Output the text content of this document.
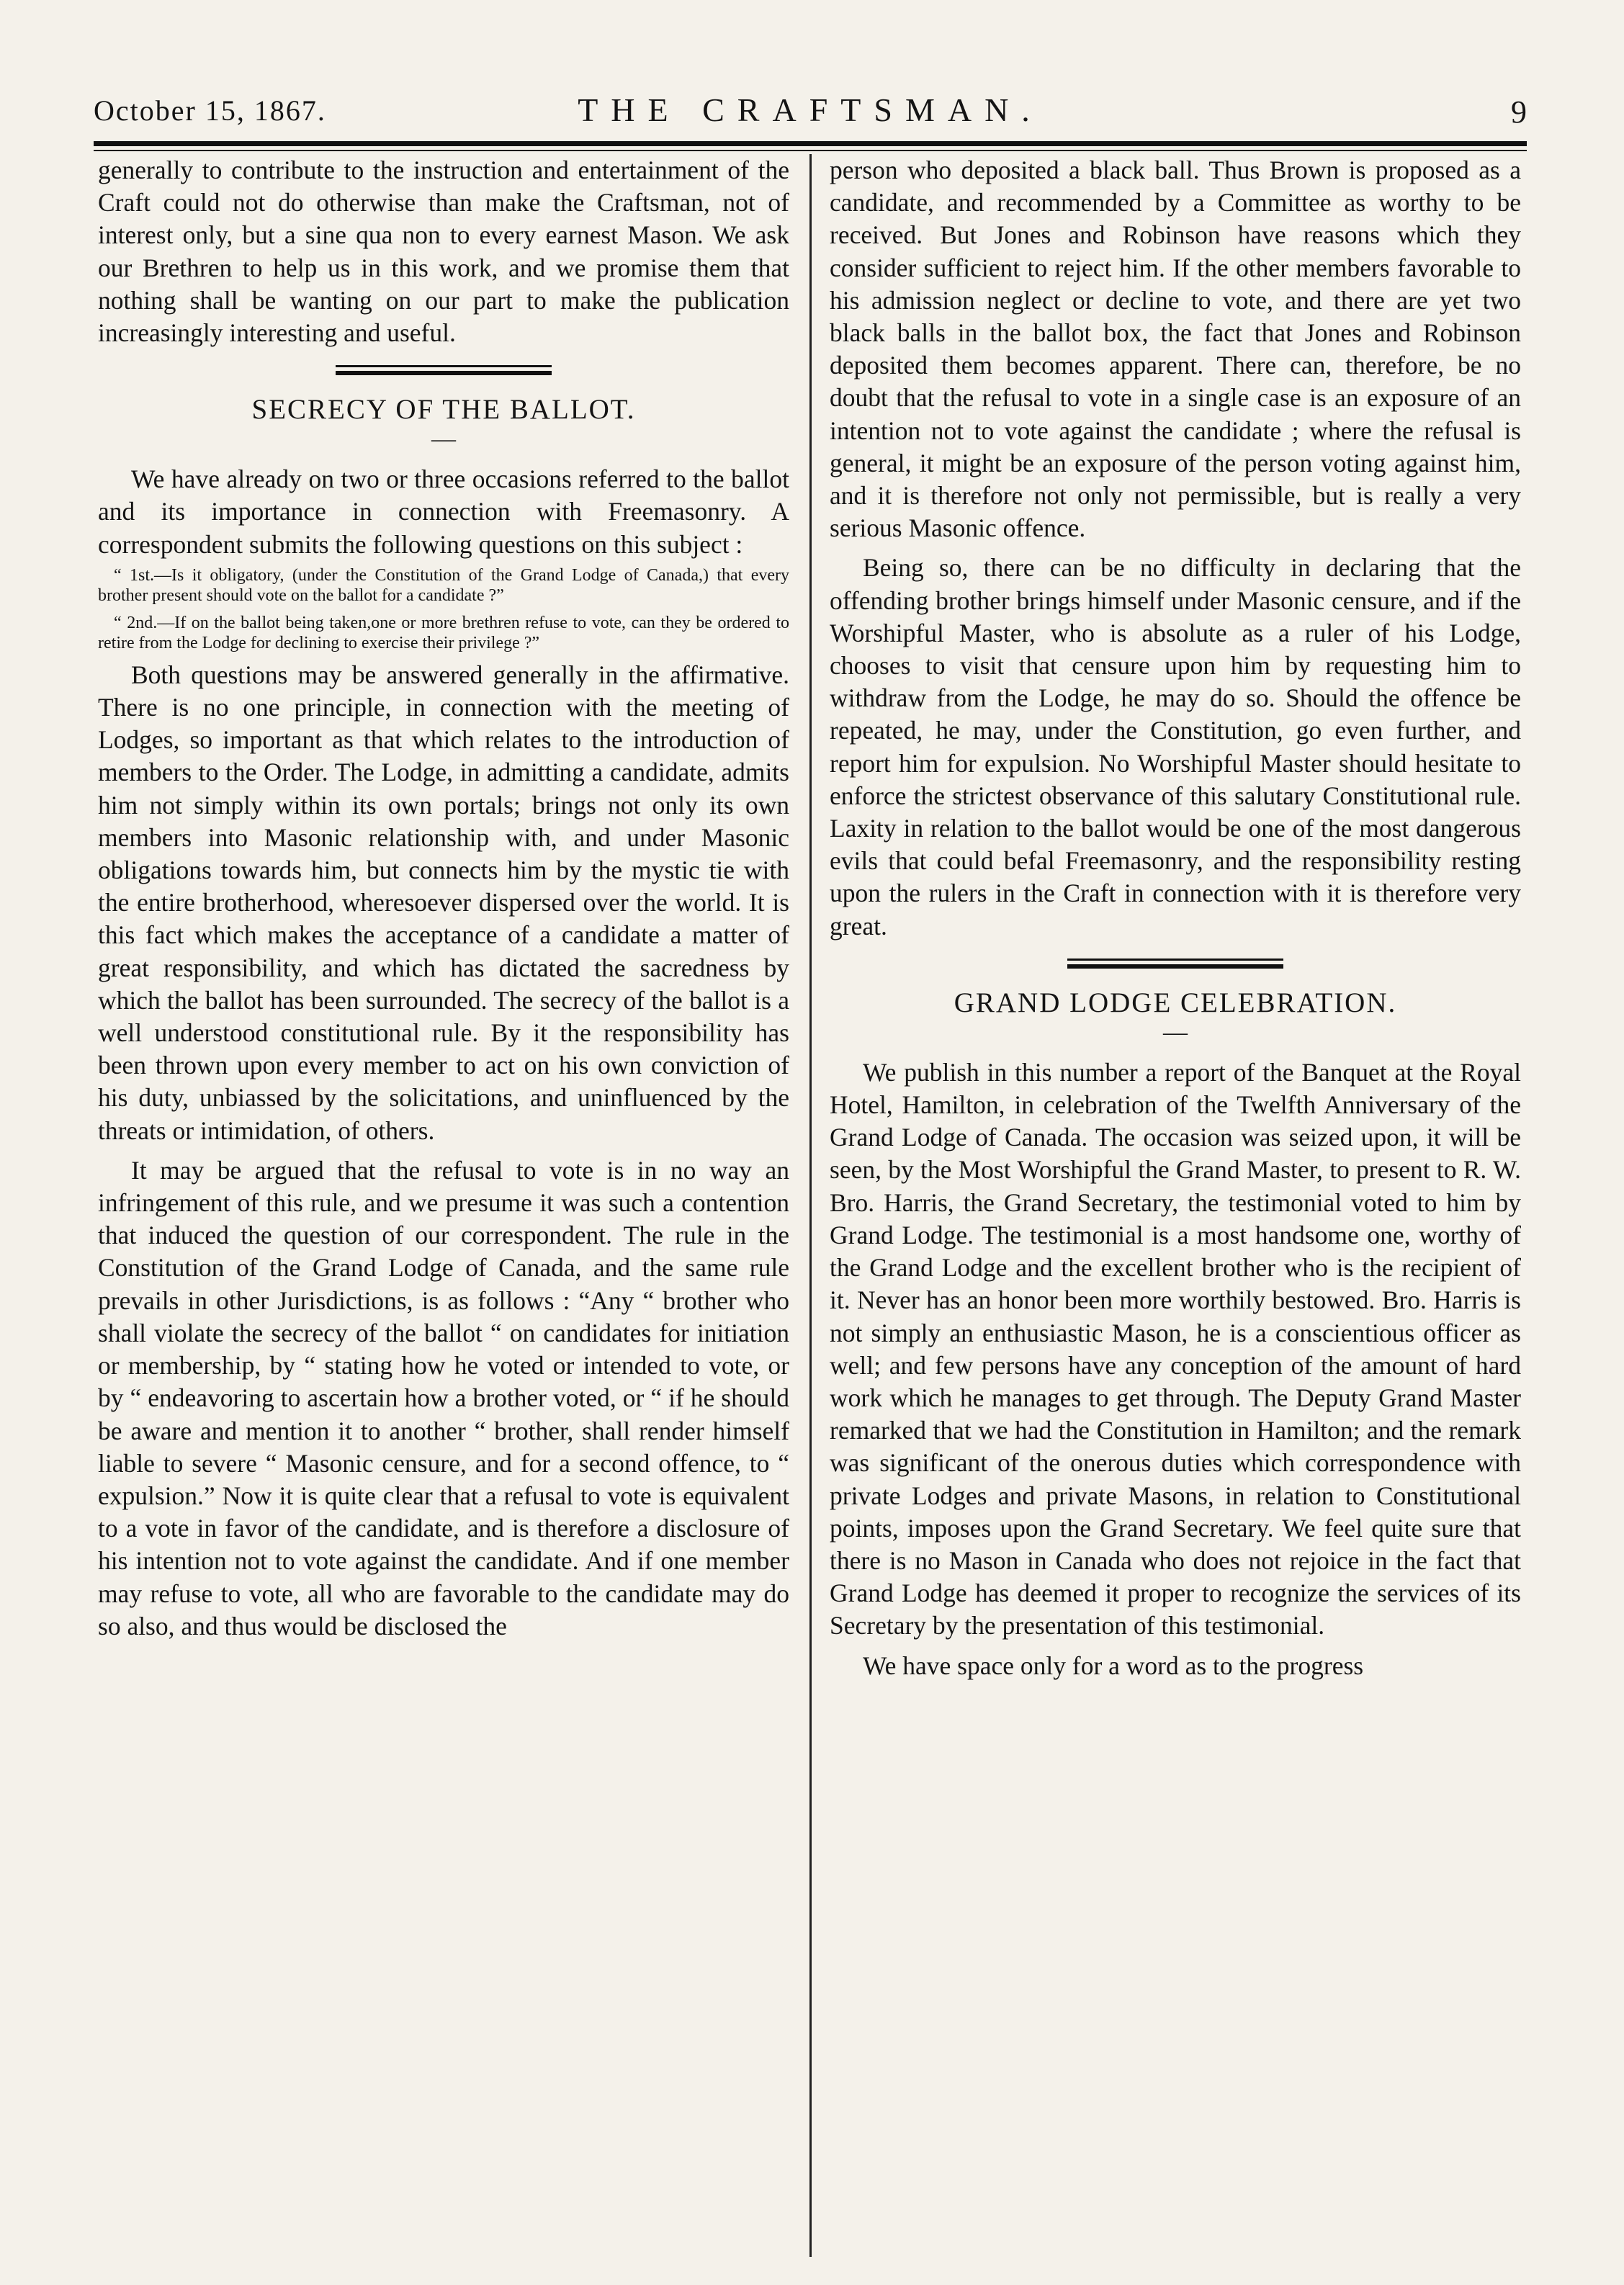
October 15, 1867.	THE CRAFTSMAN.	9

generally to contribute to the instruction and entertainment of the Craft could not do otherwise than make the Craftsman, not of interest only, but a sine qua non to every earnest Mason. We ask our Brethren to help us in this work, and we promise them that nothing shall be wanting on our part to make the publication increasingly interesting and useful.

SECRECY OF THE BALLOT.
—

We have already on two or three occasions referred to the ballot and its importance in connection with Freemasonry. A correspondent submits the following questions on this subject :

“ 1st.—Is it obligatory, (under the Constitution of the Grand Lodge of Canada,) that every brother present should vote on the ballot for a candidate ?”

“ 2nd.—If on the ballot being taken,one or more brethren refuse to vote, can they be ordered to retire from the Lodge for declining to exercise their privilege ?”

Both questions may be answered generally in the affirmative. There is no one principle, in connection with the meeting of Lodges, so important as that which relates to the introduction of members to the Order. The Lodge, in admitting a candidate, admits him not simply within its own portals; brings not only its own members into Masonic relationship with, and under Masonic obligations towards him, but connects him by the mystic tie with the entire brotherhood, wheresoever dispersed over the world. It is this fact which makes the acceptance of a candidate a matter of great responsibility, and which has dictated the sacredness by which the ballot has been surrounded. The secrecy of the ballot is a well understood constitutional rule. By it the responsibility has been thrown upon every member to act on his own conviction of his duty, unbiassed by the solicitations, and uninfluenced by the threats or intimidation, of others.

It may be argued that the refusal to vote is in no way an infringement of this rule, and we presume it was such a contention that induced the question of our correspondent. The rule in the Constitution of the Grand Lodge of Canada, and the same rule prevails in other Jurisdictions, is as follows : “Any “ brother who shall violate the secrecy of the ballot “ on candidates for initiation or membership, by “ stating how he voted or intended to vote, or by “ endeavoring to ascertain how a brother voted, or “ if he should be aware and mention it to another “ brother, shall render himself liable to severe “ Masonic censure, and for a second offence, to “ expulsion.” Now it is quite clear that a refusal to vote is equivalent to a vote in favor of the candidate, and is therefore a disclosure of his intention not to vote against the candidate. And if one member may refuse to vote, all who are favorable to the candidate may do so also, and thus would be disclosed the

person who deposited a black ball. Thus Brown is proposed as a candidate, and recommended by a Committee as worthy to be received. But Jones and Robinson have reasons which they consider sufficient to reject him. If the other members favorable to his admission neglect or decline to vote, and there are yet two black balls in the ballot box, the fact that Jones and Robinson deposited them becomes apparent. There can, therefore, be no doubt that the refusal to vote in a single case is an exposure of an intention not to vote against the candidate ; where the refusal is general, it might be an exposure of the person voting against him, and it is therefore not only not permissible, but is really a very serious Masonic offence.

Being so, there can be no difficulty in declaring that the offending brother brings himself under Masonic censure, and if the Worshipful Master, who is absolute as a ruler of his Lodge, chooses to visit that censure upon him by requesting him to withdraw from the Lodge, he may do so. Should the offence be repeated, he may, under the Constitution, go even further, and report him for expulsion. No Worshipful Master should hesitate to enforce the strictest observance of this salutary Constitutional rule. Laxity in relation to the ballot would be one of the most dangerous evils that could befal Freemasonry, and the responsibility resting upon the rulers in the Craft in connection with it is therefore very great.

GRAND LODGE CELEBRATION.
—

We publish in this number a report of the Banquet at the Royal Hotel, Hamilton, in celebration of the Twelfth Anniversary of the Grand Lodge of Canada. The occasion was seized upon, it will be seen, by the Most Worshipful the Grand Master, to present to R. W. Bro. Harris, the Grand Secretary, the testimonial voted to him by Grand Lodge. The testimonial is a most handsome one, worthy of the Grand Lodge and the excellent brother who is the recipient of it. Never has an honor been more worthily bestowed. Bro. Harris is not simply an enthusiastic Mason, he is a conscientious officer as well; and few persons have any conception of the amount of hard work which he manages to get through. The Deputy Grand Master remarked that we had the Constitution in Hamilton; and the remark was significant of the onerous duties which correspondence with private Lodges and private Masons, in relation to Constitutional points, imposes upon the Grand Secretary. We feel quite sure that there is no Mason in Canada who does not rejoice in the fact that Grand Lodge has deemed it proper to recognize the services of its Secretary by the presentation of this testimonial.

We have space only for a word as to the progress
